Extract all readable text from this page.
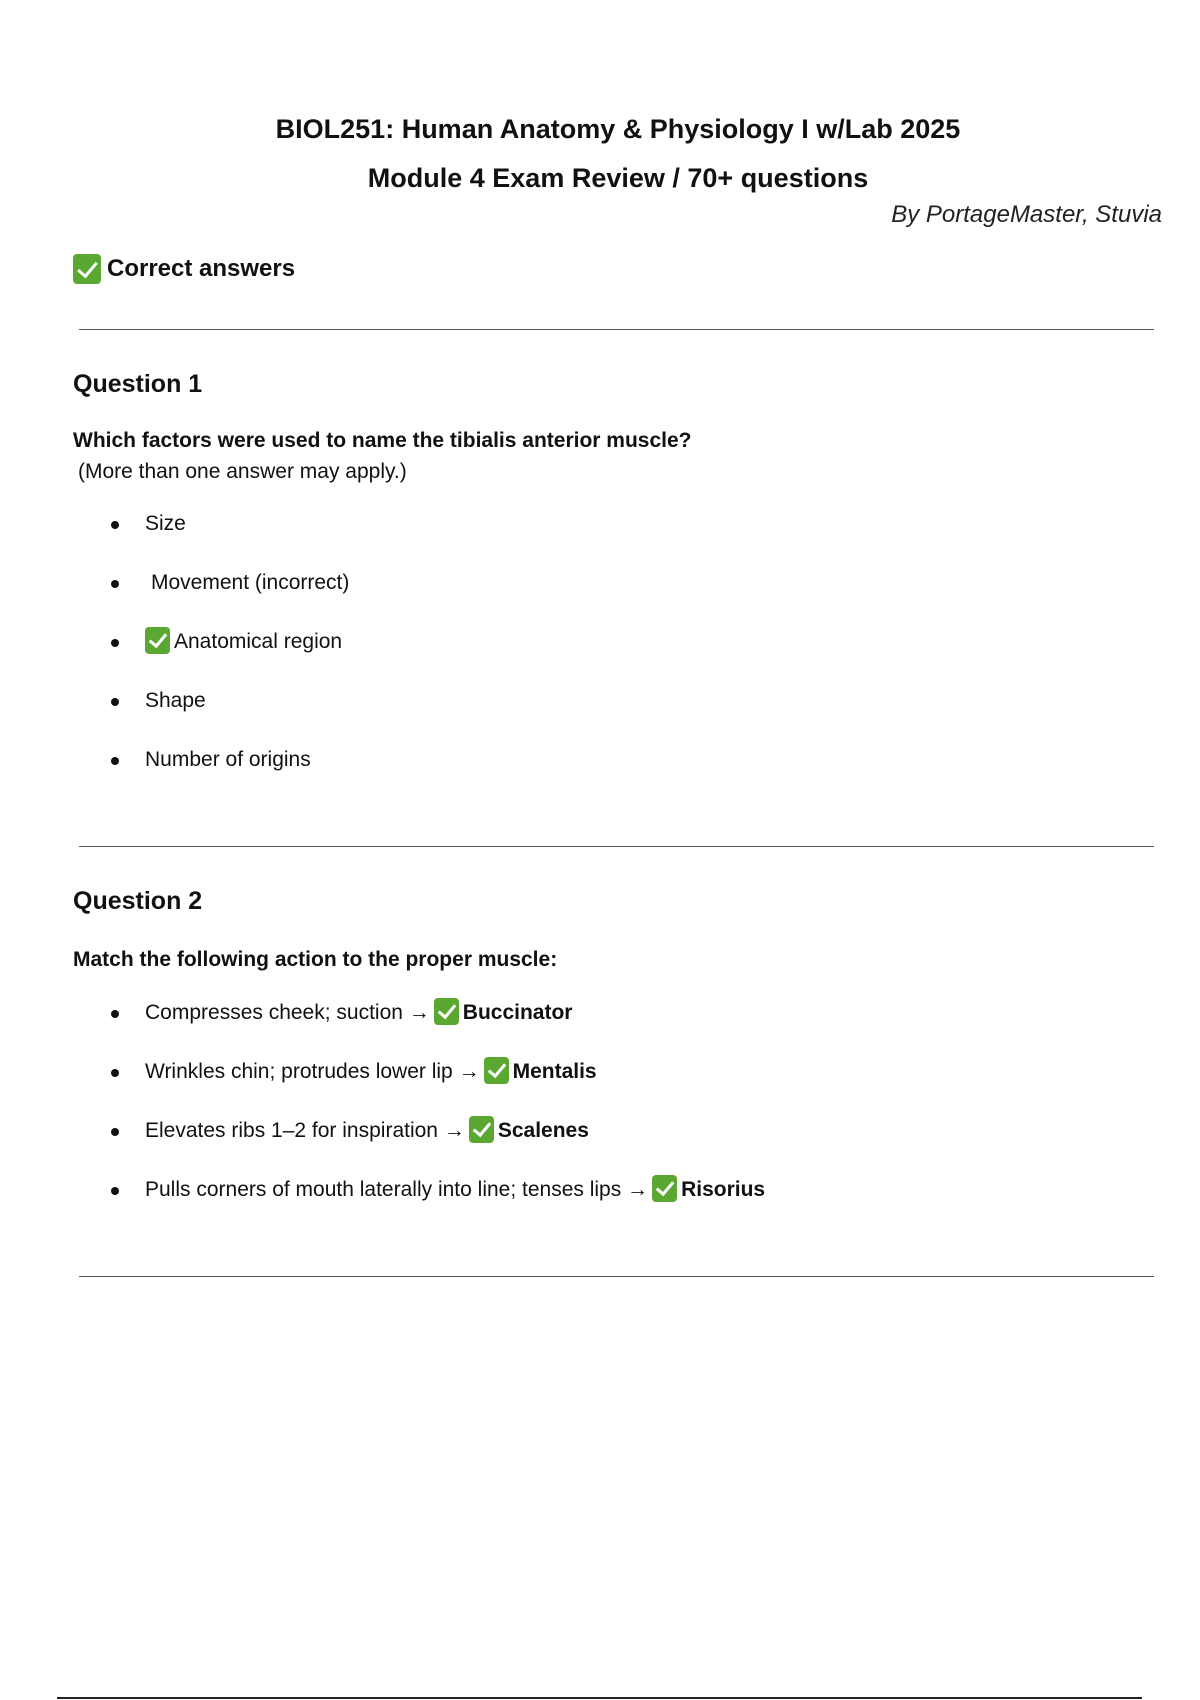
BIOL251: Human Anatomy & Physiology I w/Lab 2025
Module 4 Exam Review / 70+ questions

By PortageMaster, Stuvia

Correct answers
Question 1

Which factors were used to name the tibialis anterior muscle?

(More than one answer may apply.)

Size
Movement (incorrect)
Anatomical region
Shape
Number of origins
Question 2

Match the following action to the proper muscle:

Compresses cheek; suction → Buccinator
Wrinkles chin; protrudes lower lip → Mentalis
Elevates ribs 1–2 for inspiration → Scalenes
Pulls corners of mouth laterally into line; tenses lips → Risorius
